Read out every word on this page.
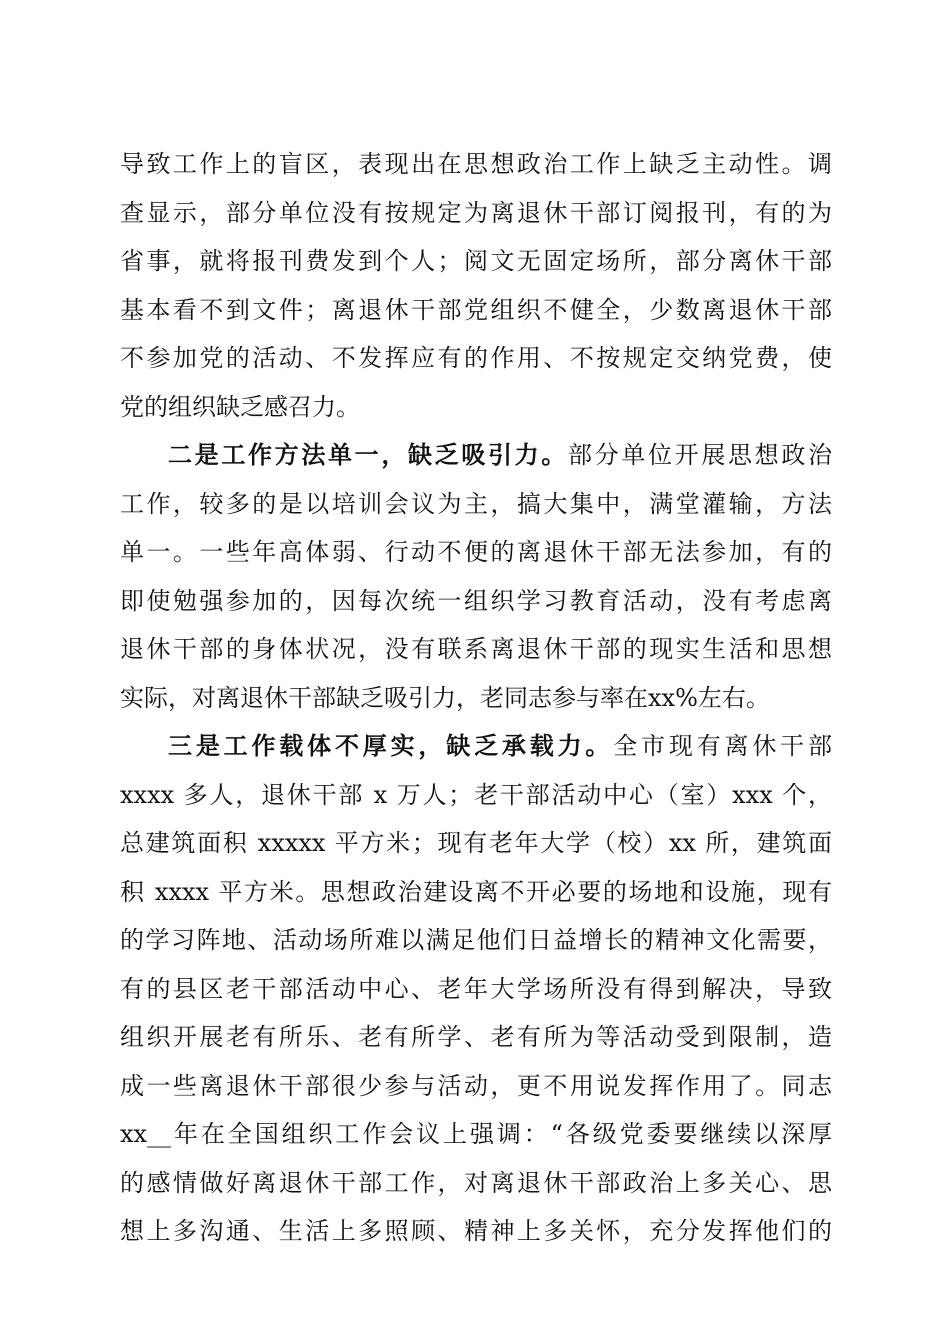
导致工作上的盲区，表现出在思想政治工作上缺乏主动性。调
查显示，部分单位没有按规定为离退休干部订阅报刊，有的为
省事，就将报刊费发到个人；阅文无固定场所，部分离休干部
基本看不到文件；离退休干部党组织不健全，少数离退休干部
不参加党的活动、不发挥应有的作用、不按规定交纳党费，使
党的组织缺乏感召力。
二是工作方法单一，缺乏吸引力。部分单位开展思想政治
工作，较多的是以培训会议为主，搞大集中，满堂灌输，方法
单一。一些年高体弱、行动不便的离退休干部无法参加，有的
即使勉强参加的，因每次统一组织学习教育活动，没有考虑离
退休干部的身体状况，没有联系离退休干部的现实生活和思想
实际，对离退休干部缺乏吸引力，老同志参与率在xx%左右。
三是工作载体不厚实，缺乏承载力。全市现有离休干部
xxxx 多人，退休干部 x 万人；老干部活动中心（室）xxx 个，
总建筑面积 xxxxx 平方米；现有老年大学（校）xx 所，建筑面
积 xxxx 平方米。思想政治建设离不开必要的场地和设施，现有
的学习阵地、活动场所难以满足他们日益增长的精神文化需要，
有的县区老干部活动中心、老年大学场所没有得到解决，导致
组织开展老有所乐、老有所学、老有所为等活动受到限制，造
成一些离退休干部很少参与活动，更不用说发挥作用了。同志
xx__年在全国组织工作会议上强调：“各级党委要继续以深厚
的感情做好离退休干部工作，对离退休干部政治上多关心、思
想上多沟通、生活上多照顾、精神上多关怀，充分发挥他们的
